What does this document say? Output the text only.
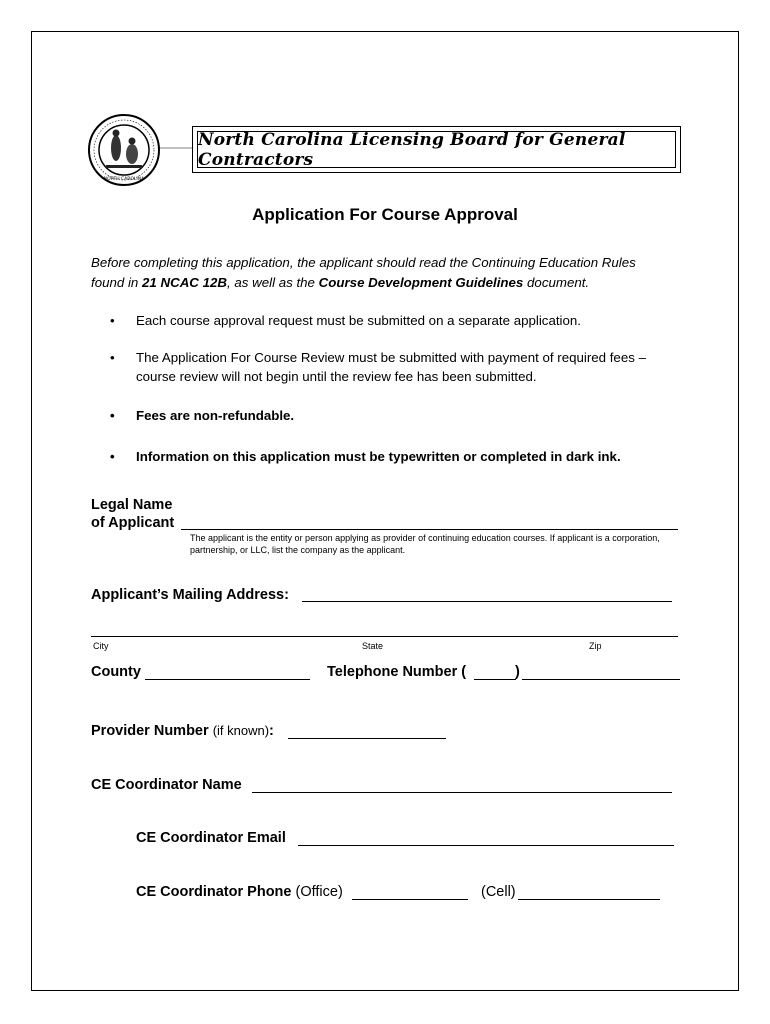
NORTH CAROLINA
North Carolina Licensing Board for General Contractors
Application For Course Approval
Before completing this application, the applicant should read the Continuing Education Rules found in 21 NCAC 12B, as well as the Course Development Guidelines document.
• Each course approval request must be submitted on a separate application.
• The Application For Course Review must be submitted with payment of required fees – course review will not begin until the review fee has been submitted.
• Fees are non-refundable.
• Information on this application must be typewritten or completed in dark ink.
Legal Name
of Applicant
The applicant is the entity or person applying as provider of continuing education courses. If applicant is a corporation, partnership, or LLC, list the company as the applicant.
Applicant’s Mailing Address:
City	State	Zip
County	Telephone Number (	)
Provider Number (if known):
CE Coordinator Name
CE Coordinator Email
CE Coordinator Phone (Office)	(Cell)
